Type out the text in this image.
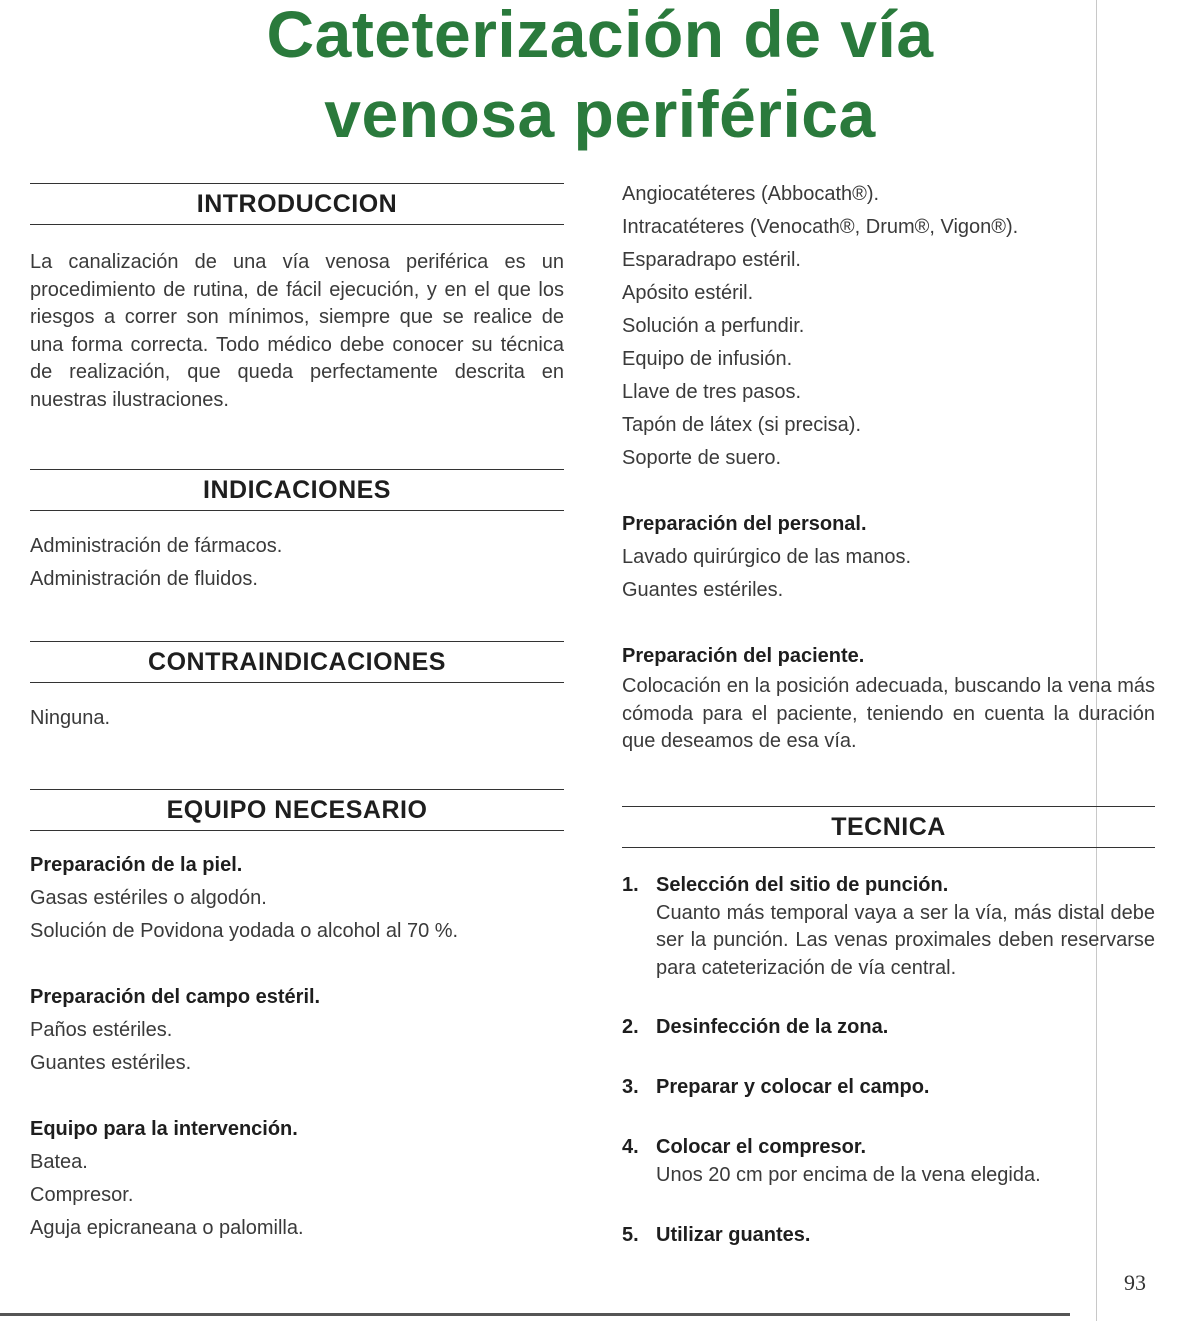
Cateterización de vía
venosa periférica
INTRODUCCION

La canalización de una vía venosa periférica es un procedimiento de rutina, de fácil ejecución, y en el que los riesgos a correr son mínimos, siempre que se realice de una forma correcta. Todo médico debe conocer su técnica de realización, que queda perfectamente descrita en nuestras ilustraciones.

INDICACIONES

Administración de fármacos.

Administración de fluidos.

CONTRAINDICACIONES

Ninguna.

EQUIPO NECESARIO

Preparación de la piel.

Gasas estériles o algodón.

Solución de Povidona yodada o alcohol al 70 %.

Preparación del campo estéril.

Paños estériles.

Guantes estériles.

Equipo para la intervención.

Batea.

Compresor.

Aguja epicraneana o palomilla.

Angiocatéteres (Abbocath®).

Intracatéteres (Venocath®, Drum®, Vigon®).

Esparadrapo estéril.

Apósito estéril.

Solución a perfundir.

Equipo de infusión.

Llave de tres pasos.

Tapón de látex (si precisa).

Soporte de suero.

Preparación del personal.

Lavado quirúrgico de las manos.

Guantes estériles.

Preparación del paciente.

Colocación en la posición adecuada, buscando la vena más cómoda para el paciente, teniendo en cuenta la duración que deseamos de esa vía.

TECNICA
1. Selección del sitio de punción.
Cuanto más temporal vaya a ser la vía, más distal debe ser la punción. Las venas proximales deben reservarse para cateterización de vía central.
2. Desinfección de la zona.
3. Preparar y colocar el campo.
4. Colocar el compresor.
Unos 20 cm por encima de la vena elegida.
5. Utilizar guantes.
93
